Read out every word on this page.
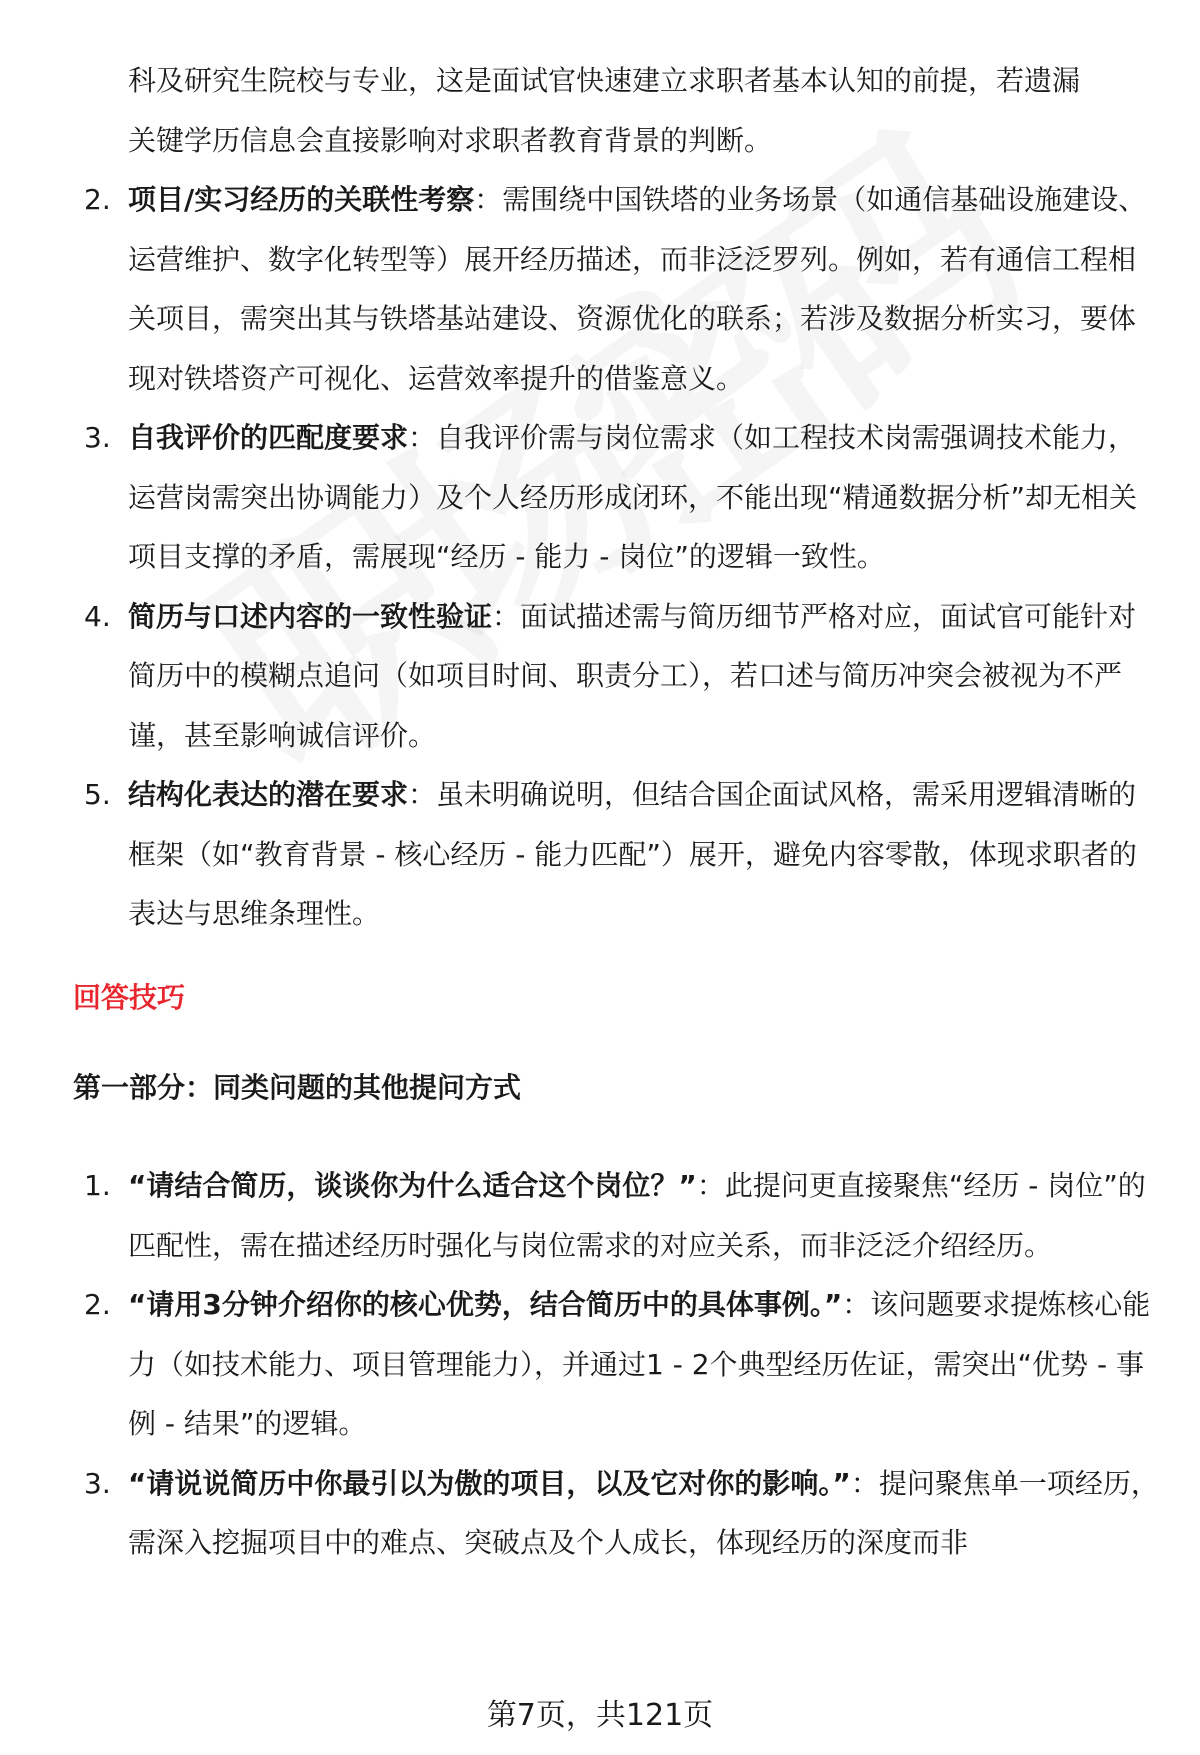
科及研究生院校与专业，这是面试官快速建立求职者基本认知的前提，若遗漏
关键学历信息会直接影响对求职者教育背景的判断。

2. 项目/实习经历的关联性考察：需围绕中国铁塔的业务场景（如通信基础设施建设、运营维护、数字化转型等）展开经历描述，而非泛泛罗列。例如，若有通信工程相关项目，需突出其与铁塔基站建设、资源优化的联系；若涉及数据分析实习，要体现对铁塔资产可视化、运营效率提升的借鉴意义。
3. 自我评价的匹配度要求：自我评价需与岗位需求（如工程技术岗需强调技术能力，运营岗需突出协调能力）及个人经历形成闭环，不能出现“精通数据分析”却无相关项目支撑的矛盾，需展现“经历 - 能力 - 岗位”的逻辑一致性。
4. 简历与口述内容的一致性验证：面试描述需与简历细节严格对应，面试官可能针对简历中的模糊点追问（如项目时间、职责分工），若口述与简历冲突会被视为不严谨，甚至影响诚信评价。
5. 结构化表达的潜在要求：虽未明确说明，但结合国企面试风格，需采用逻辑清晰的框架（如“教育背景 - 核心经历 - 能力匹配”）展开，避免内容零散，体现求职者的表达与思维条理性。
回答技巧
第一部分：同类问题的其他提问方式
1. “请结合简历，谈谈你为什么适合这个岗位？”：此提问更直接聚焦“经历 - 岗位”的匹配性，需在描述经历时强化与岗位需求的对应关系，而非泛泛介绍经历。
2. “请用3分钟介绍你的核心优势，结合简历中的具体事例。”：该问题要求提炼核心能力（如技术能力、项目管理能力），并通过1 - 2个典型经历佐证，需突出“优势 - 事例 - 结果”的逻辑。
3. “请说说简历中你最引以为傲的项目，以及它对你的影响。”：提问聚焦单一项经历，需深入挖掘项目中的难点、突破点及个人成长，体现经历的深度而非
第7页，共121页
